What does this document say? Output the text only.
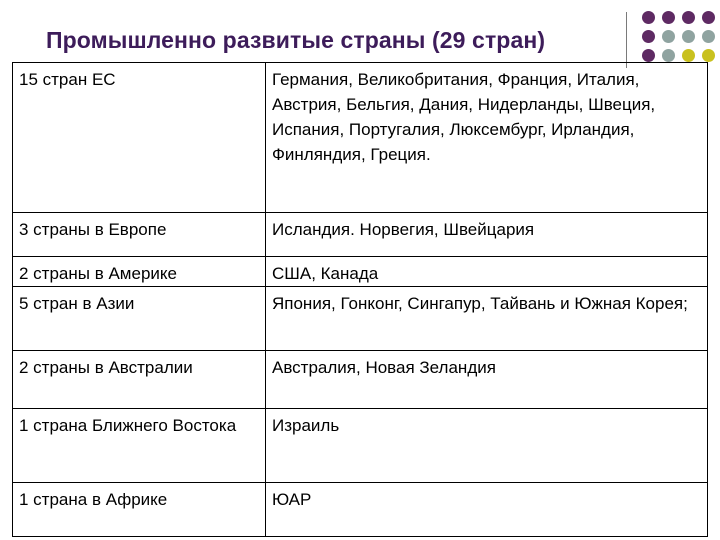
Промышленно развитые страны (29 стран)
15 стран ЕС	Германия, Великобритания, Франция, Италия, Австрия, Бельгия, Дания, Нидерланды, Швеция, Испания, Португалия, Люксембург, Ирландия, Финляндия, Греция.
3 страны в Европе	Исландия. Норвегия, Швейцария
2 страны в Америке	США, Канада
5 стран в Азии	Япония, Гонконг, Сингапур, Тайвань и Южная Корея;
2 страны в Австралии	Австралия, Новая Зеландия
1 страна Ближнего Востока	Израиль
1 страна в Африке	ЮАР
